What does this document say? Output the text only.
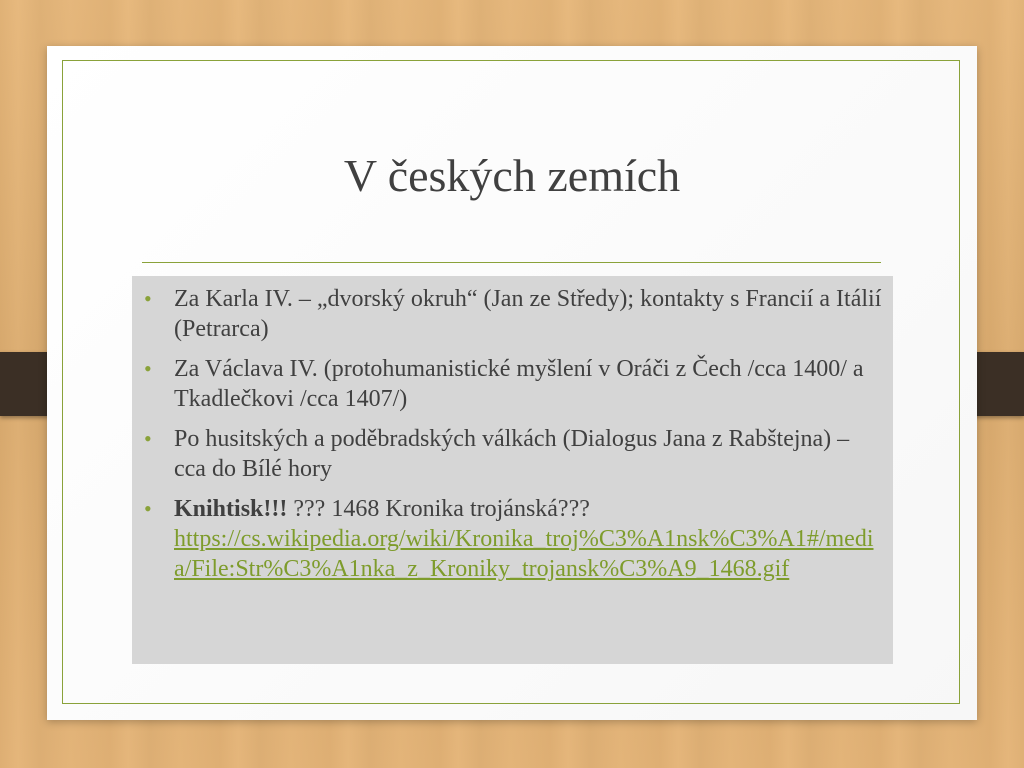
V českých zemích
• Za Karla IV. – „dvorský okruh“ (Jan ze Středy); kontakty s Francií a Itálií (Petrarca)
• Za Václava IV. (protohumanistické myšlení v Oráči z Čech /cca 1400/ a Tkadlečkovi /cca 1407/)
• Po husitských a poděbradských válkách (Dialogus Jana z Rabštejna) – cca do Bílé hory
• Knihtisk!!! ??? 1468 Kronika trojánská???
https://cs.wikipedia.org/wiki/Kronika_troj%C3%A1nsk%C3%A1#/media/File:Str%C3%A1nka_z_Kroniky_trojansk%C3%A9_1468.gif
